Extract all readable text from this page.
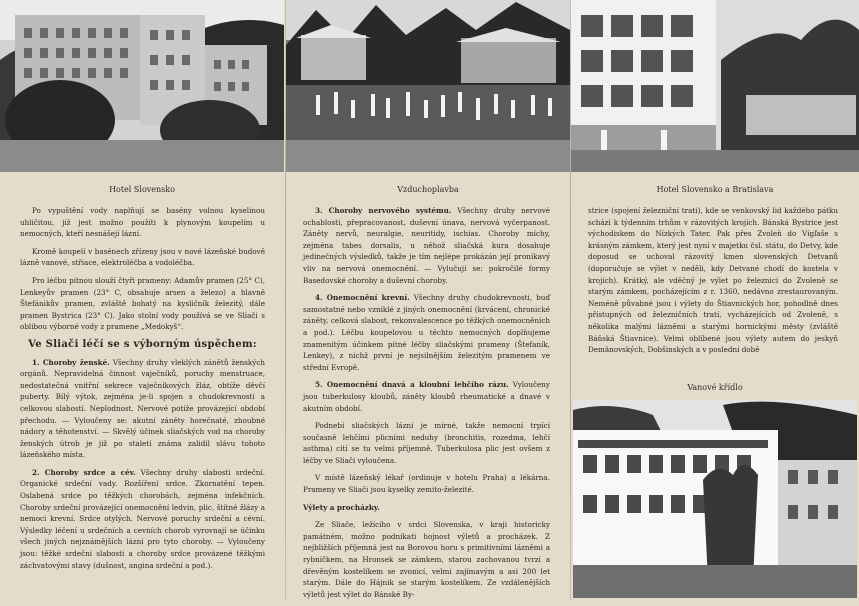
Hotel Slovensko	Vzduchoplavba	Hotel Slovensko a Bratislava

Po vypuštění vody naplňují se basény volnou kyselinou uhličitou, jíž jest možno použíti k plynovým koupelím u nemocných, kteří nesnášejí lázní.

Kromě koupelí v basénech zřízeny jsou v nové lázeňské budově lázně vanové, střiace, elektroléčba a vodoléčba.

Pro léčbu pitnou slouží čtyři prameny: Adamův pramen (25° C), Lenkeyův pramen (23° C, obsahuje arsen a železo) a hlavně Štefánikův pramen, zvláště bohatý na kysličník železitý, dále pramen Bystrica (23° C). Jako stolní vody používá se ve Sliači s oblibou výborné vody z pramene „Medokyš“.

Ve Sliači léčí se s výborným úspěchem:

1. Choroby ženské. Všechny druhy vleklých zánětů ženských orgánů. Nepravidelná činnost vaječníků, poruchy menstruace, nedostatečná vnitřní sekrece vaječníkových žláz, obtíže děvčí puberty. Bílý výtok, zejména je-li spojen s chudokrevností a celkovou slabostí. Neplodnost. Nervové potíže provázející období přechodu. — Vyloučeny se: akutní záněty horečnaté, zhoubné nádory a těhotenství. — Skvělý účinek sliačských vod na choroby ženských útrob je již po staletí známa zalidil slávu tohoto lázeňského místa.

2. Choroby srdce a cév. Všechny druhy slabosti srdeční. Organické srdeční vady. Rozšíření srdce. Zkornatění tepen. Oslabená srdce po těžkých chorobách, zejména infekčních. Choroby srdeční provázející onemocnění ledvin, plic, štítné žlázy a nemoci krevní. Srdce otylých. Nervové poruchy srdeční a cévní. Výsledky léčení u srdečních a cevních chorob vyrovnají se účinku všech jiných nejznámějších lázní pro tyto choroby. — Vyloučeny jsou: těžké srdeční slabosti a choroby srdce provázené těžkými záchvatovými stavy (dušnost, angina srdeční a pod.).

3. Choroby nervového systému. Všechny druhy nervové ochablosti, přepracovanost, duševní únava, nervová vyčerpanost. Záněty nervů, neuralgie, neuritidy, ischias. Choroby míchy, zejména tabes dorsalis, u něhož sliačská kura dosahuje jedinečných výsledků, takže je tím nejlépe prokázán její pronikavý vliv na nervová onemocnění. — Vylučují se: pokročilé formy Basedovské choroby a duševní choroby.

4. Onemocnění krevní. Všechny druhy chudokrevnosti, buď samostatné nebo vzniklé z jiných onemocnění (krvácení, chronické záněty, celková slabost, rekonvalescence po těžkých onemocněních a pod.). Léčbu koupelovou u těchto nemocných doplňujeme znamenitým účinkem pitné léčby sliačskými prameny (Štefaník, Lenkey), z nichž první je nejsilnějším železitým pramenem ve střední Evropě.

5. Onemocnění dnavá a kloubní lehčího rázu. Vyloučeny jsou tuberkulosy kloubů, záněty kloubů rheumatické a dnavé v akutním období.

Podnebí sliačských lázní je mírné, takže nemocní trpící současně lehčími plicními neduhy (bronchitis, rozedma, lehčí asthma) cítí se tu velmi příjemně. Tuberkulosa plic jest ovšem z léčby ve Sliači vyloučena.

V místě lázeňský lékař (ordinuje v hotelu Praha) a lékárna. Prameny ve Sliači jsou kyselky zemito-železité.

Výlety a procházky.

Ze Sliače, ležícího v srdci Slovenska, v kraji historicky památném, možno podnikati hojnost výletů a procházek. Z nejbližších příjemná jest na Borovou horu s primitivními lázněmi a rybníčkem, na Hronsek se zámkem, starou zachovanou tvrzí a dřevěným kostelíkem se zvonicí, velmi zajímavým a asi 200 let starým. Dále do Hájnik se starým kostelíkem. Ze vzdálenějších výletů jest výlet do Bánské By-

strice (spojení železniční trati), kde se venkovský lid každého pátku schází k týdenním trhům v rázovitých krojích. Bánská Bystrice jest východiskem do Nízkých Tater. Pak přes Zvoleň do Vígľaše s krásným zámkem, který jest nyní v majetku čsl. státu, do Detvy, kde doposud se uchoval rázovitý kmen slovenských Detvanů (doporučuje se výlet v neděli, kdy Detvané chodí do kostela v krojích). Krátký, ale vděčný je výlet po železnici do Zvoleně se starým zámkem, pocházejícím z r. 1360, nedávno zrestaurovaným. Neméně půvabné jsou i výlety do Štiavnických hor, pohodlně dnes přístupných od železničních tratí, vycházejících od Zvoleně, s několika malými lázněmi a starými hornickými městy (zvláště Báňská Štiavnice). Velmi oblíbené jsou výlety autem do jeskyň Demänovských, Dobšinských a v poslední době

Vanové křídlo
